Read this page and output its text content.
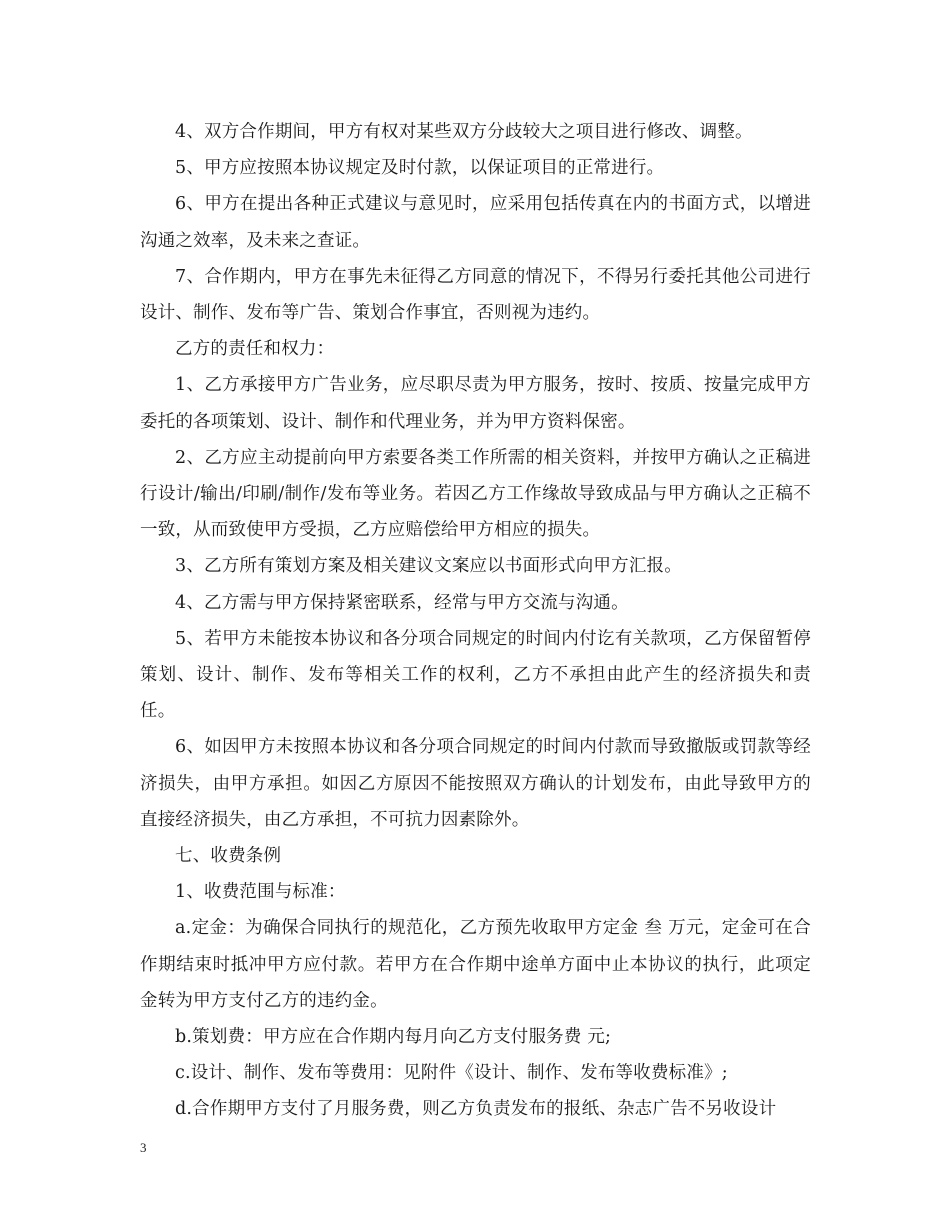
4、双方合作期间，甲方有权对某些双方分歧较大之项目进行修改、调整。

5、甲方应按照本协议规定及时付款，以保证项目的正常进行。

6、甲方在提出各种正式建议与意见时，应采用包括传真在内的书面方式，以增进沟通之效率，及未来之查证。

7、合作期内，甲方在事先未征得乙方同意的情况下，不得另行委托其他公司进行设计、制作、发布等广告、策划合作事宜，否则视为违约。

乙方的责任和权力：

1、乙方承接甲方广告业务，应尽职尽责为甲方服务，按时、按质、按量完成甲方委托的各项策划、设计、制作和代理业务，并为甲方资料保密。

2、乙方应主动提前向甲方索要各类工作所需的相关资料，并按甲方确认之正稿进行设计/输出/印刷/制作/发布等业务。若因乙方工作缘故导致成品与甲方确认之正稿不一致，从而致使甲方受损，乙方应赔偿给甲方相应的损失。

3、乙方所有策划方案及相关建议文案应以书面形式向甲方汇报。

4、乙方需与甲方保持紧密联系，经常与甲方交流与沟通。

5、若甲方未能按本协议和各分项合同规定的时间内付讫有关款项，乙方保留暂停策划、设计、制作、发布等相关工作的权利，乙方不承担由此产生的经济损失和责任。

6、如因甲方未按照本协议和各分项合同规定的时间内付款而导致撤版或罚款等经济损失，由甲方承担。如因乙方原因不能按照双方确认的计划发布，由此导致甲方的直接经济损失，由乙方承担，不可抗力因素除外。

七、收费条例

1、收费范围与标准：

a.定金：为确保合同执行的规范化，乙方预先收取甲方定金 叁 万元，定金可在合作期结束时抵冲甲方应付款。若甲方在合作期中途单方面中止本协议的执行，此项定金转为甲方支付乙方的违约金。

b.策划费：甲方应在合作期内每月向乙方支付服务费 元;

c.设计、制作、发布等费用：见附件《设计、制作、发布等收费标准》;

d.合作期甲方支付了月服务费，则乙方负责发布的报纸、杂志广告不另收设计

3
